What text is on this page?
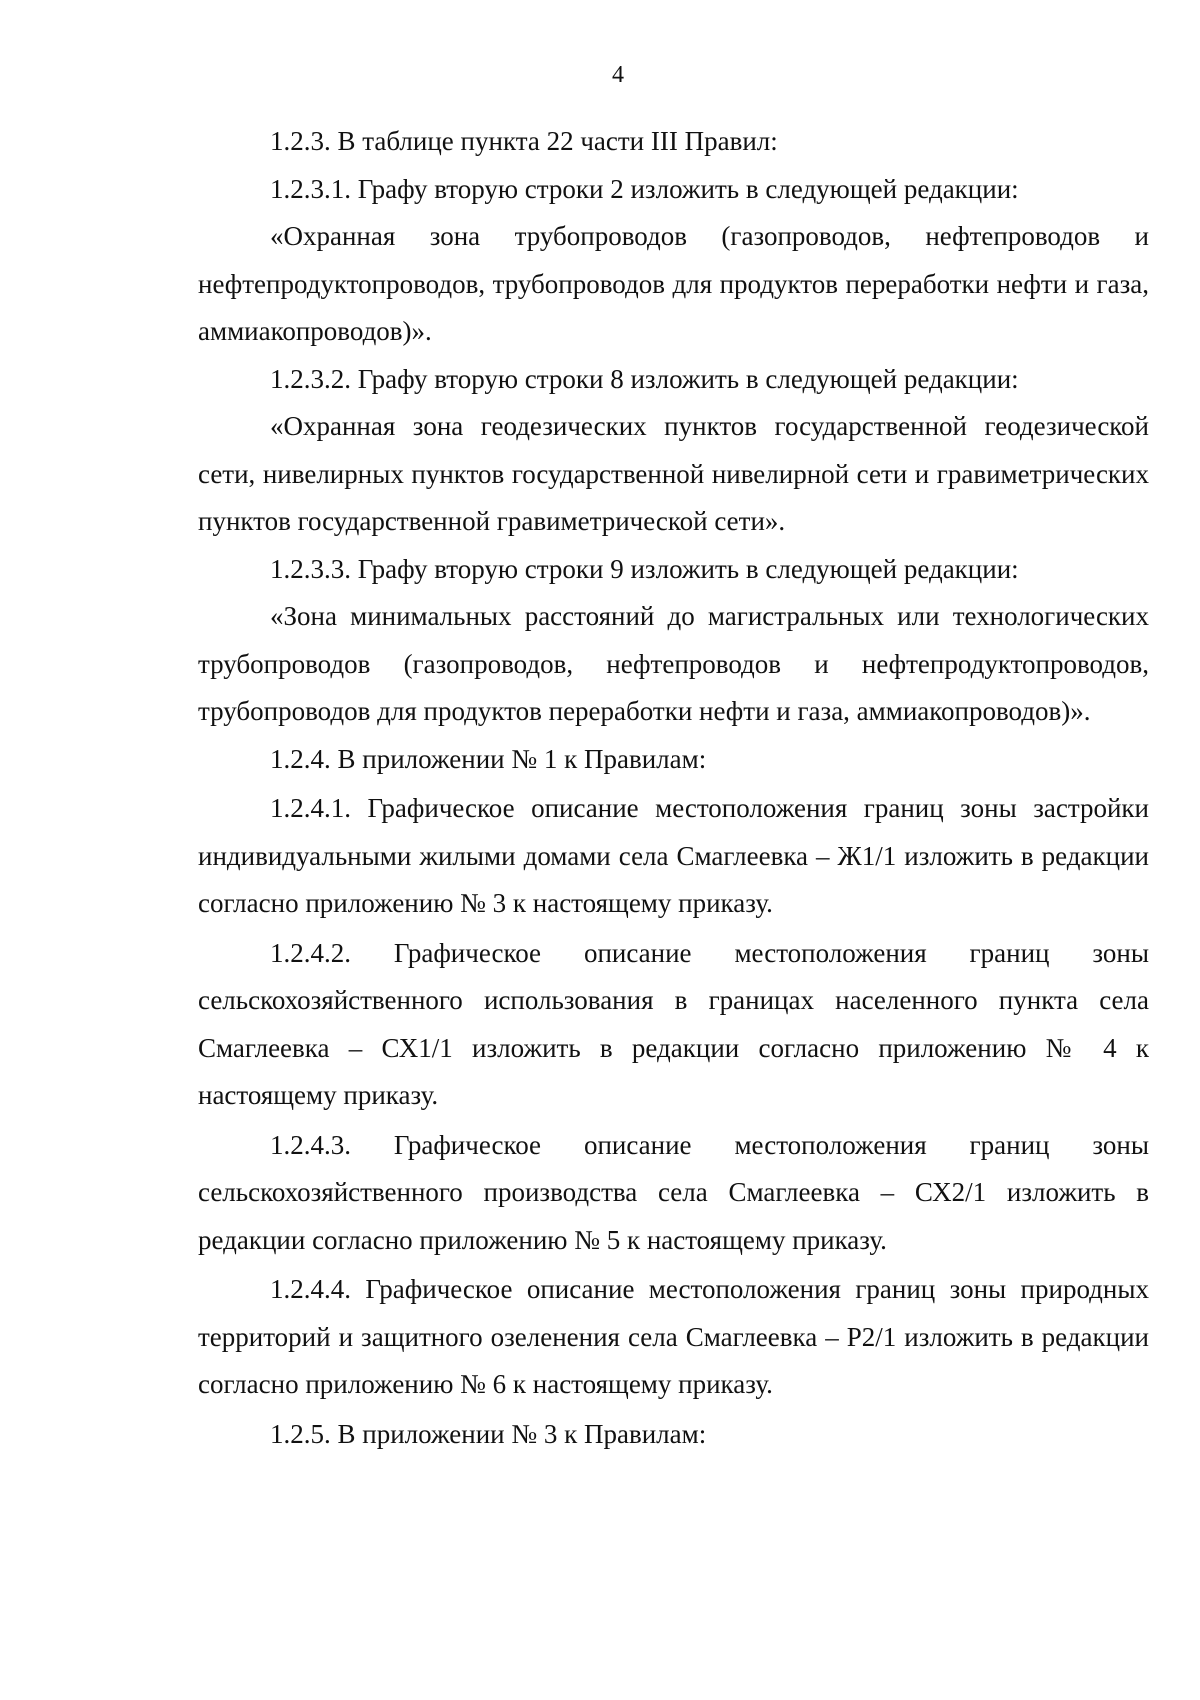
4

1.2.3. В таблице пункта 22 части III Правил:

1.2.3.1. Графу вторую строки 2 изложить в следующей редакции:

«Охранная зона трубопроводов (газопроводов, нефтепроводов и нефтепродуктопроводов, трубопроводов для продуктов переработки нефти и газа, аммиакопроводов)».

1.2.3.2. Графу вторую строки 8 изложить в следующей редакции:

«Охранная зона геодезических пунктов государственной геодезической сети, нивелирных пунктов государственной нивелирной сети и гравиметрических пунктов государственной гравиметрической сети».

1.2.3.3. Графу вторую строки 9 изложить в следующей редакции:

«Зона минимальных расстояний до магистральных или технологических трубопроводов (газопроводов, нефтепроводов и нефтепродуктопроводов, трубопроводов для продуктов переработки нефти и газа, аммиакопроводов)».

1.2.4. В приложении № 1 к Правилам:

1.2.4.1. Графическое описание местоположения границ зоны застройки индивидуальными жилыми домами села Смаглеевка – Ж1/1 изложить в редакции согласно приложению № 3 к настоящему приказу.

1.2.4.2. Графическое описание местоположения границ зоны сельскохозяйственного использования в границах населенного пункта села Смаглеевка – СХ1/1 изложить в редакции согласно приложению № 4 к настоящему приказу.

1.2.4.3. Графическое описание местоположения границ зоны сельскохозяйственного производства села Смаглеевка – СХ2/1 изложить в редакции согласно приложению № 5 к настоящему приказу.

1.2.4.4. Графическое описание местоположения границ зоны природных территорий и защитного озеленения села Смаглеевка – Р2/1 изложить в редакции согласно приложению № 6 к настоящему приказу.

1.2.5. В приложении № 3 к Правилам:
